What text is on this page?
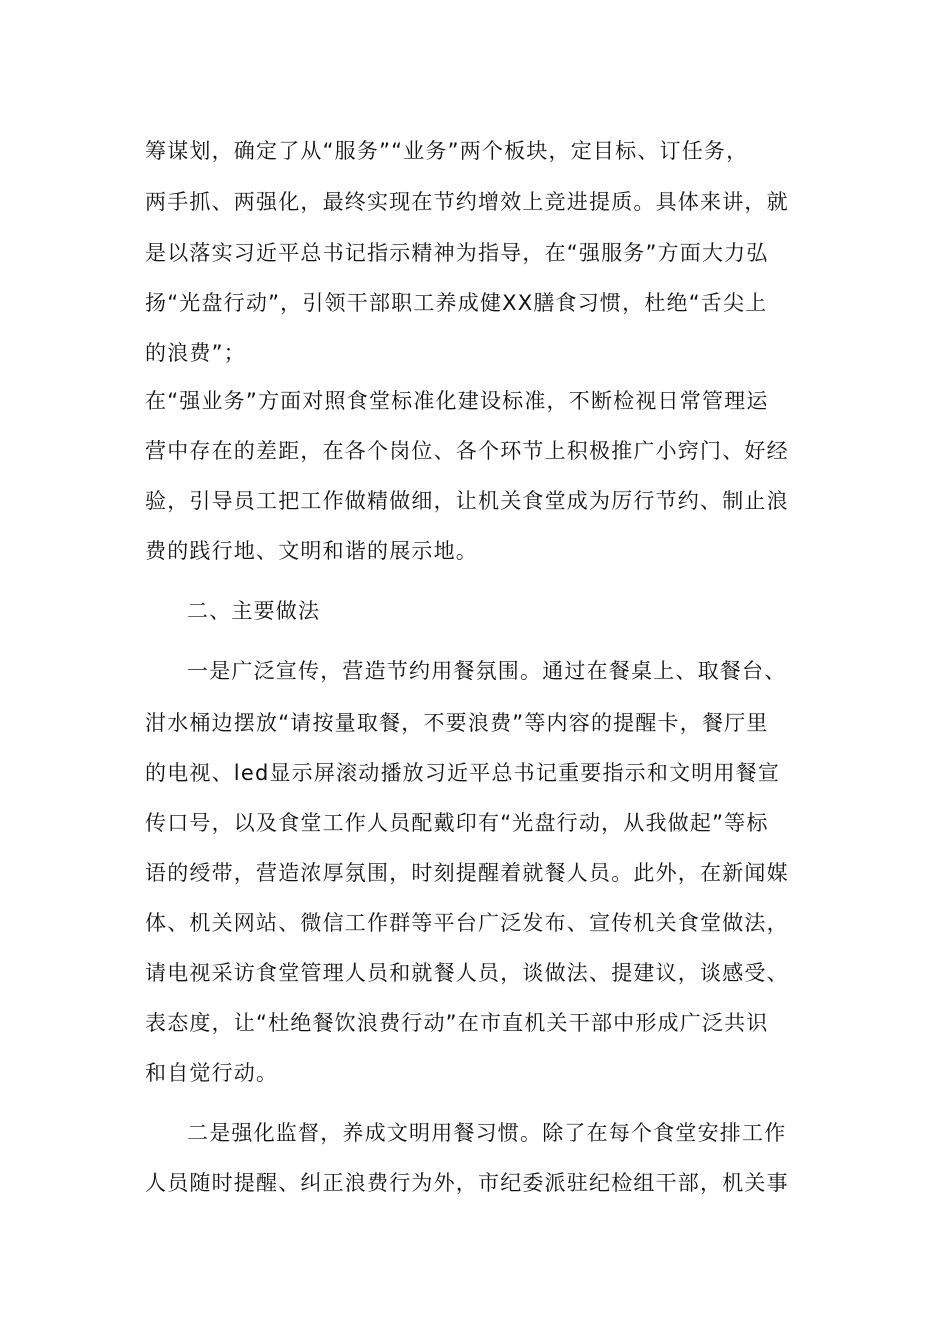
筹谋划，确定了从“服务”“业务”两个板块，定目标、订任务，
两手抓、两强化，最终实现在节约增效上竞进提质。具体来讲，就
是以落实习近平总书记指示精神为指导，在“强服务”方面大力弘
扬“光盘行动”，引领干部职工养成健XX膳食习惯，杜绝“舌尖上
的浪费”；
在“强业务”方面对照食堂标准化建设标准，不断检视日常管理运
营中存在的差距，在各个岗位、各个环节上积极推广小窍门、好经
验，引导员工把工作做精做细，让机关食堂成为厉行节约、制止浪
费的践行地、文明和谐的展示地。
二、主要做法
一是广泛宣传，营造节约用餐氛围。通过在餐桌上、取餐台、
泔水桶边摆放“请按量取餐，不要浪费”等内容的提醒卡，餐厅里
的电视、led显示屏滚动播放习近平总书记重要指示和文明用餐宣
传口号，以及食堂工作人员配戴印有“光盘行动，从我做起”等标
语的绶带，营造浓厚氛围，时刻提醒着就餐人员。此外，在新闻媒
体、机关网站、微信工作群等平台广泛发布、宣传机关食堂做法，
请电视采访食堂管理人员和就餐人员，谈做法、提建议，谈感受、
表态度，让“杜绝餐饮浪费行动”在市直机关干部中形成广泛共识
和自觉行动。
二是强化监督，养成文明用餐习惯。除了在每个食堂安排工作
人员随时提醒、纠正浪费行为外，市纪委派驻纪检组干部，机关事
